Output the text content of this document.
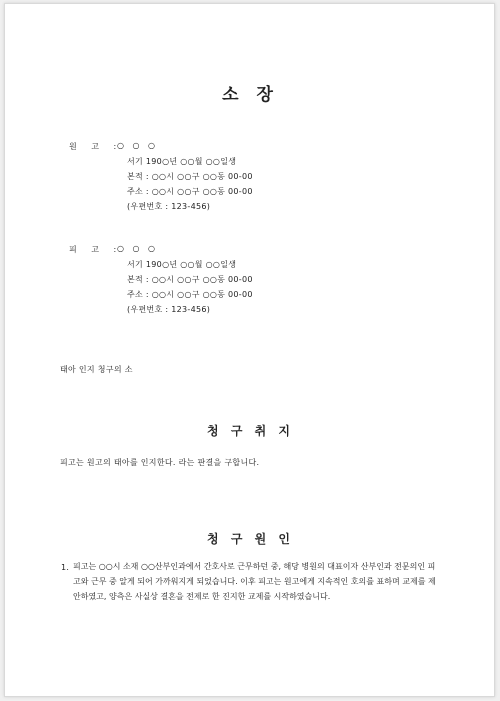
소 장
원 고 :
○ ○ ○
서기 190○년 ○○월 ○○일생
본적 : ○○시 ○○구 ○○동 00-00
주소 : ○○시 ○○구 ○○동 00-00
(우편번호 : 123-456)
피 고 :
○ ○ ○
서기 190○년 ○○월 ○○일생
본적 : ○○시 ○○구 ○○동 00-00
주소 : ○○시 ○○구 ○○동 00-00
(우편번호 : 123-456)
태아 인지 청구의 소
청 구 취 지
피고는 원고의 태아를 인지한다. 라는 판결을 구합니다.
청 구 원 인
1. 피고는 ○○시 소재 ○○산부인과에서 간호사로 근무하던 중, 해당 병원의 대표이자 산부인과 전문의인 피고와 근무 중 알게 되어 가까워지게 되었습니다. 이후 피고는 원고에게 지속적인 호의를 표하며 교제를 제안하였고, 양측은 사실상 결혼을 전제로 한 진지한 교제를 시작하였습니다.
